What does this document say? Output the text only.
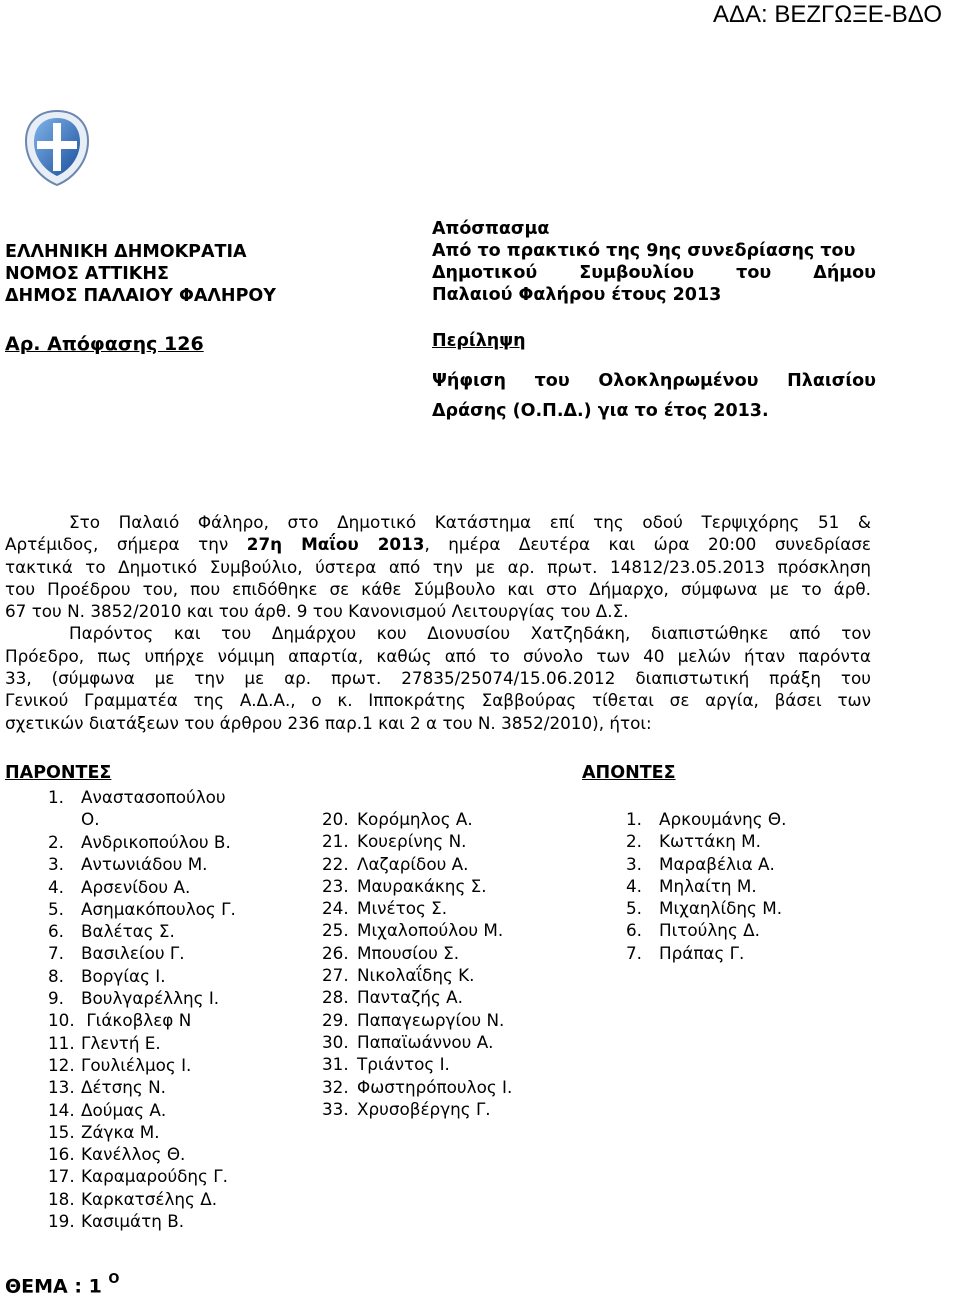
ΑΔΑ: ΒΕΖΓΩΞΕ-ΒΔΟ
ΕΛΛΗΝΙΚΗ ΔΗΜΟΚΡΑΤΙΑ
ΝΟΜΟΣ ΑΤΤΙΚΗΣ
ΔΗΜΟΣ ΠΑΛΑΙΟΥ ΦΑΛΗΡΟΥ
Αρ. Απόφασης 126
Απόσπασμα
Από το πρακτικό της 9ης συνεδρίασης του
Δημοτικού Συμβουλίου του Δήμου
Παλαιού Φαλήρου έτους 2013
Περίληψη
Ψήφιση του Ολοκληρωμένου Πλαισίου
Δράσης (Ο.Π.Δ.) για το έτος 2013.
Στο Παλαιό Φάληρο, στο Δημοτικό Κατάστημα επί της οδού Τερψιχόρης 51 &
Αρτέμιδος, σήμερα την 27η Μαΐου 2013, ημέρα Δευτέρα και ώρα 20:00 συνεδρίασε
τακτικά το Δημοτικό Συμβούλιο, ύστερα από την με αρ. πρωτ. 14812/23.05.2013 πρόσκληση
του Προέδρου του, που επιδόθηκε σε κάθε Σύμβουλο και στο Δήμαρχο, σύμφωνα με το άρθ.
67 του Ν. 3852/2010 και του άρθ. 9 του Κανονισμού Λειτουργίας του Δ.Σ.
Παρόντος και του Δημάρχου κου Διονυσίου Χατζηδάκη, διαπιστώθηκε από τον
Πρόεδρο, πως υπήρχε νόμιμη απαρτία, καθώς από το σύνολο των 40 μελών ήταν παρόντα
33, (σύμφωνα με την με αρ. πρωτ. 27835/25074/15.06.2012 διαπιστωτική πράξη του
Γενικού Γραμματέα της Α.Δ.Α., ο κ. Ιπποκράτης Σαββούρας τίθεται σε αργία, βάσει των
σχετικών διατάξεων του άρθρου 236 παρ.1 και 2 α του Ν. 3852/2010), ήτοι:
ΠΑΡΟΝΤΕΣ	ΑΠΟΝΤΕΣ
1.	Αναστασοπούλου
Ο.
2.	Ανδρικοπούλου Β.
3.	Αντωνιάδου Μ.
4.	Αρσενίδου Α.
5.	Ασημακόπουλος Γ.
6.	Βαλέτας Σ.
7.	Βασιλείου Γ.
8.	Βοργίας Ι.
9.	Βουλγαρέλλης Ι.
10. Γιάκοβλεφ Ν
11. Γλεντή Ε.
12. Γουλιέλμος Ι.
13. Δέτσης Ν.
14. Δούμας Α.
15. Ζάγκα Μ.
16. Κανέλλος Θ.
17. Καραμαρούδης Γ.
18. Καρκατσέλης Δ.
19. Κασιμάτη Β.
20. Κορόμηλος Α.
21. Κουερίνης Ν.
22. Λαζαρίδου Α.
23. Μαυρακάκης Σ.
24. Μινέτος Σ.
25. Μιχαλοπούλου Μ.
26. Μπουσίου Σ.
27. Νικολαΐδης Κ.
28. Πανταζής Α.
29. Παπαγεωργίου Ν.
30. Παπαϊωάννου Α.
31. Τριάντος Ι.
32. Φωστηρόπουλος Ι.
33. Χρυσοβέργης Γ.
1.	Αρκουμάνης Θ.
2.	Κωττάκη Μ.
3.	Μαραβέλια Α.
4.	Μηλαίτη Μ.
5.	Μιχαηλίδης Μ.
6.	Πιτούλης Δ.
7.	Πράπας Γ.
ΘΕΜΑ : 1 $^O$
